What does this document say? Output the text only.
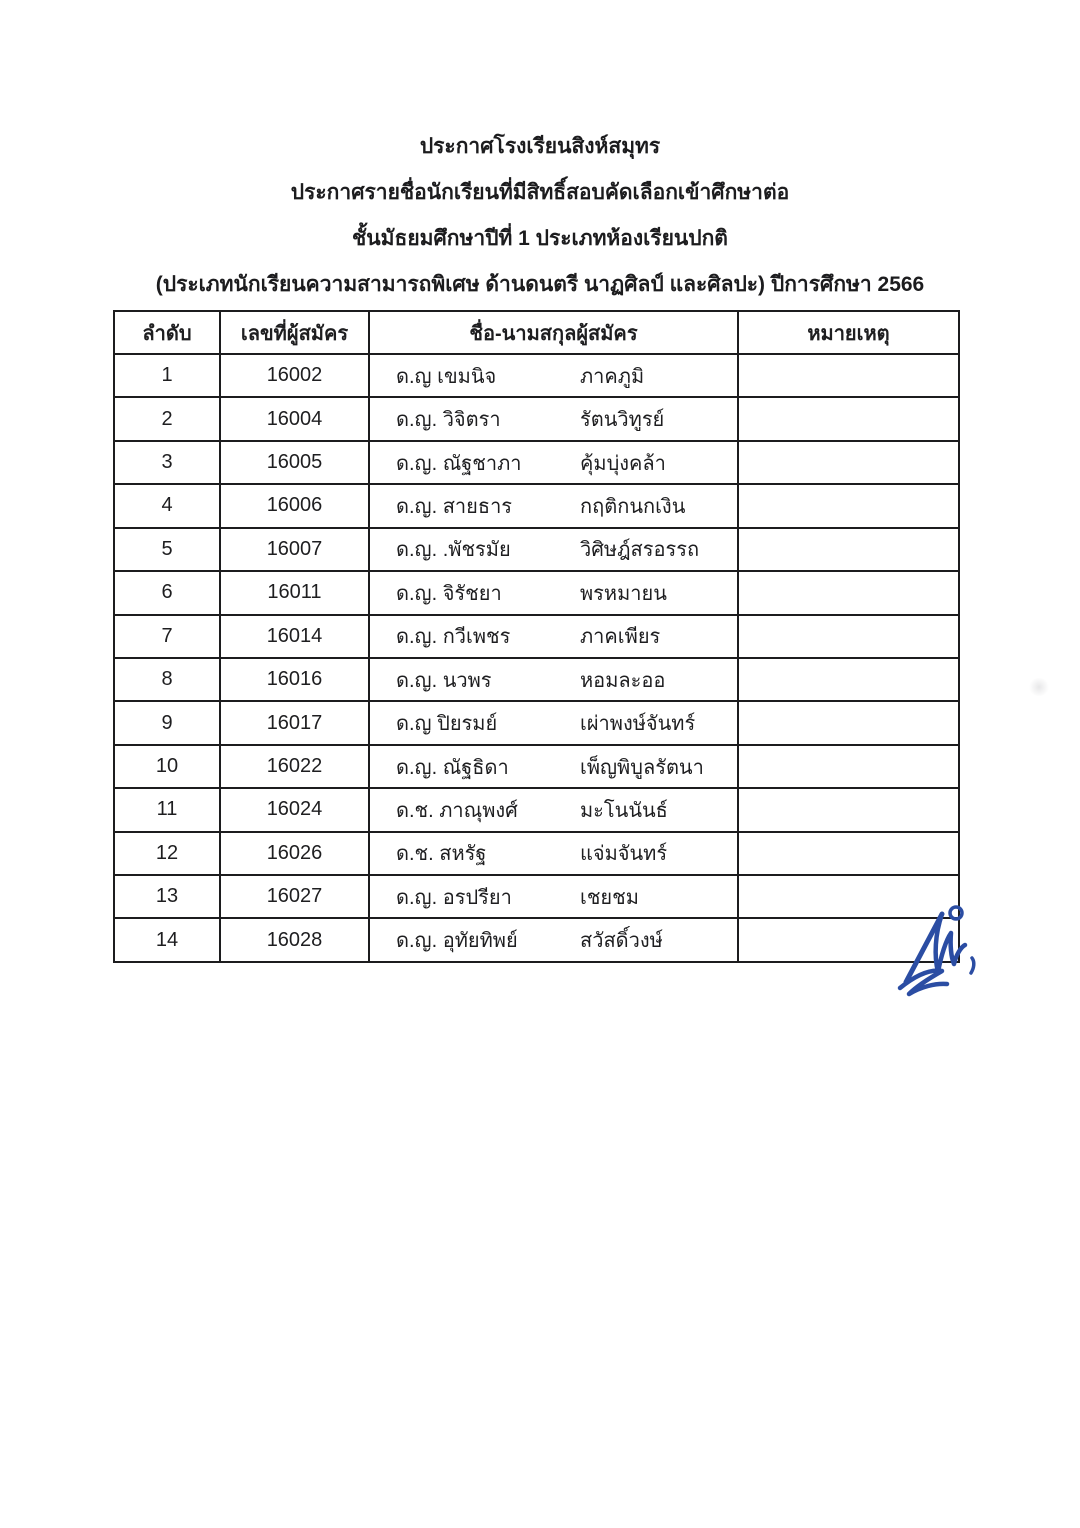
ประกาศโรงเรียนสิงห์สมุทร
ประกาศรายชื่อนักเรียนที่มีสิทธิ์สอบคัดเลือกเข้าศึกษาต่อ
ชั้นมัธยมศึกษาปีที่ 1 ประเภทห้องเรียนปกติ
(ประเภทนักเรียนความสามารถพิเศษ ด้านดนตรี นาฏศิลป์ และศิลปะ) ปีการศึกษา 2566
ลำดับ	เลขที่ผู้สมัคร	ชื่อ-นามสกุลผู้สมัคร	หมายเหตุ
1	16002	ด.ญ เขมนิจ ภาคภูมิ	

2	16004	ด.ญ. วิจิตรา รัตนวิทูรย์	

3	16005	ด.ญ. ณัฐชาภา คุ้มบุ่งคล้า	

4	16006	ด.ญ. สายธาร กฤติกนกเงิน	

5	16007	ด.ญ. .พัชรมัย วิศิษฎ์สรอรรถ	

6	16011	ด.ญ. จิรัชยา พรหมายน	

7	16014	ด.ญ. กวีเพชร ภาคเพียร	

8	16016	ด.ญ. นวพร หอมละออ	

9	16017	ด.ญ ปิยรมย์ เผ่าพงษ์จันทร์	

10	16022	ด.ญ. ณัฐธิดา เพ็ญพิบูลรัตนา	

11	16024	ด.ช. ภาณุพงศ์ มะโนนันธ์	

12	16026	ด.ช. สหรัฐ แจ่มจันทร์	

13	16027	ด.ญ. อรปรียา เชยชม	

14	16028	ด.ญ. อุทัยทิพย์ สวัสดิ์วงษ์	
